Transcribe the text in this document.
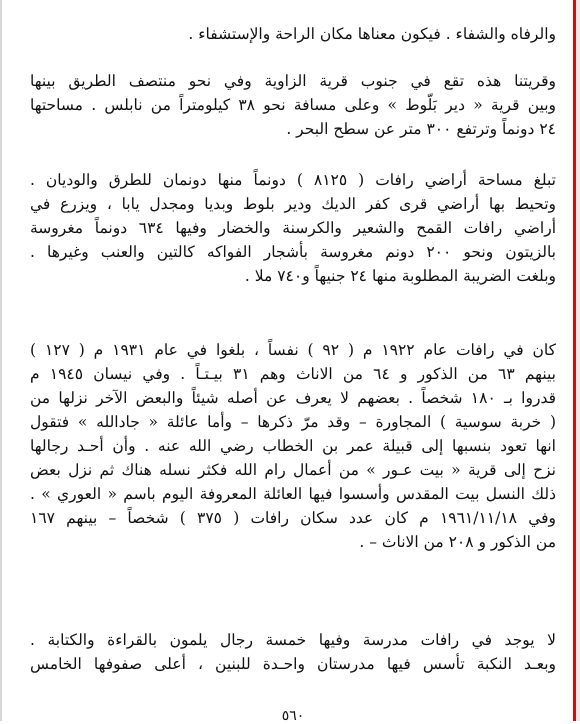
والرفاه والشفاء . فيكون معناها مكان الراحة والإستشفاء .
وقريتنا هذه تقع في جنوب قرية الزاوية وفي نحو منتصف الطريق بينها
وبين قرية « دير بَلّوط » وعلى مسافة نحو ٣٨ كيلومتراً من نابلس . مساحتها
٢٤ دونماً وترتفع ٣٠٠ متر عن سطح البحر .
تبلغ مساحة أراضي رافات ( ٨١٢٥ ) دونماً منها دونمان للطرق والوديان .
وتحيط بها أراضي قرى كفر الديك ودير بلوط وبديا ومجدل يابا ، ويزرع في
أراضي رافات القمح والشعير والكرسنة والخضار وفيها ٦٣٤ دونماً مغروسة
بالزيتون ونحو ٢٠٠ دونم مغروسة بأشجار الفواكه كالتين والعنب وغيرها .
وبلغت الضريبة المطلوبة منها ٢٤ جنيهاً و٧٤٠ ملا .
كان في رافات عام ١٩٢٢ م ( ٩٢ ) نفساً ، بلغوا في عام ١٩٣١ م ( ١٢٧ )
بينهم ٦٣ من الذكور و ٦٤ من الاناث وهم ٣١ بيـتـاً . وفي نيسان ١٩٤٥ م
قدروا بـ ١٨٠ شخصاً . بعضهم لا يعرف عن أصله شيئاً والبعض الآخر نزلها من
( خربة سوسية ) المجاورة – وقد مرّ ذكرها – وأما عائلة « جادالله » فتقول
انها تعود بنسبها إلى قبيلة عمر بن الخطاب رضي الله عنه . وأن أحـد رجالها
نزح إلى قرية « بيت عـور » من أعمال رام الله فكثر نسله هناك ثم نزل بعض
ذلك النسل بيت المقدس وأسسوا فيها العائلة المعروفة اليوم باسم « العوري » .
وفي ١٩٦١/١١/١٨ م كان عدد سكان رافات ( ٣٧٥ ) شخصاً – بينهم ١٦٧
من الذكور و ٢٠٨ من الاناث – .
لا يوجد في رافات مدرسة وفيها خمسة رجال يلمون بالقراءة والكتابة .
وبعـد النكبة تأسس فيها مدرستان واحـدة للبنين ، أعلى صفوفها الخامس
٥٦٠
